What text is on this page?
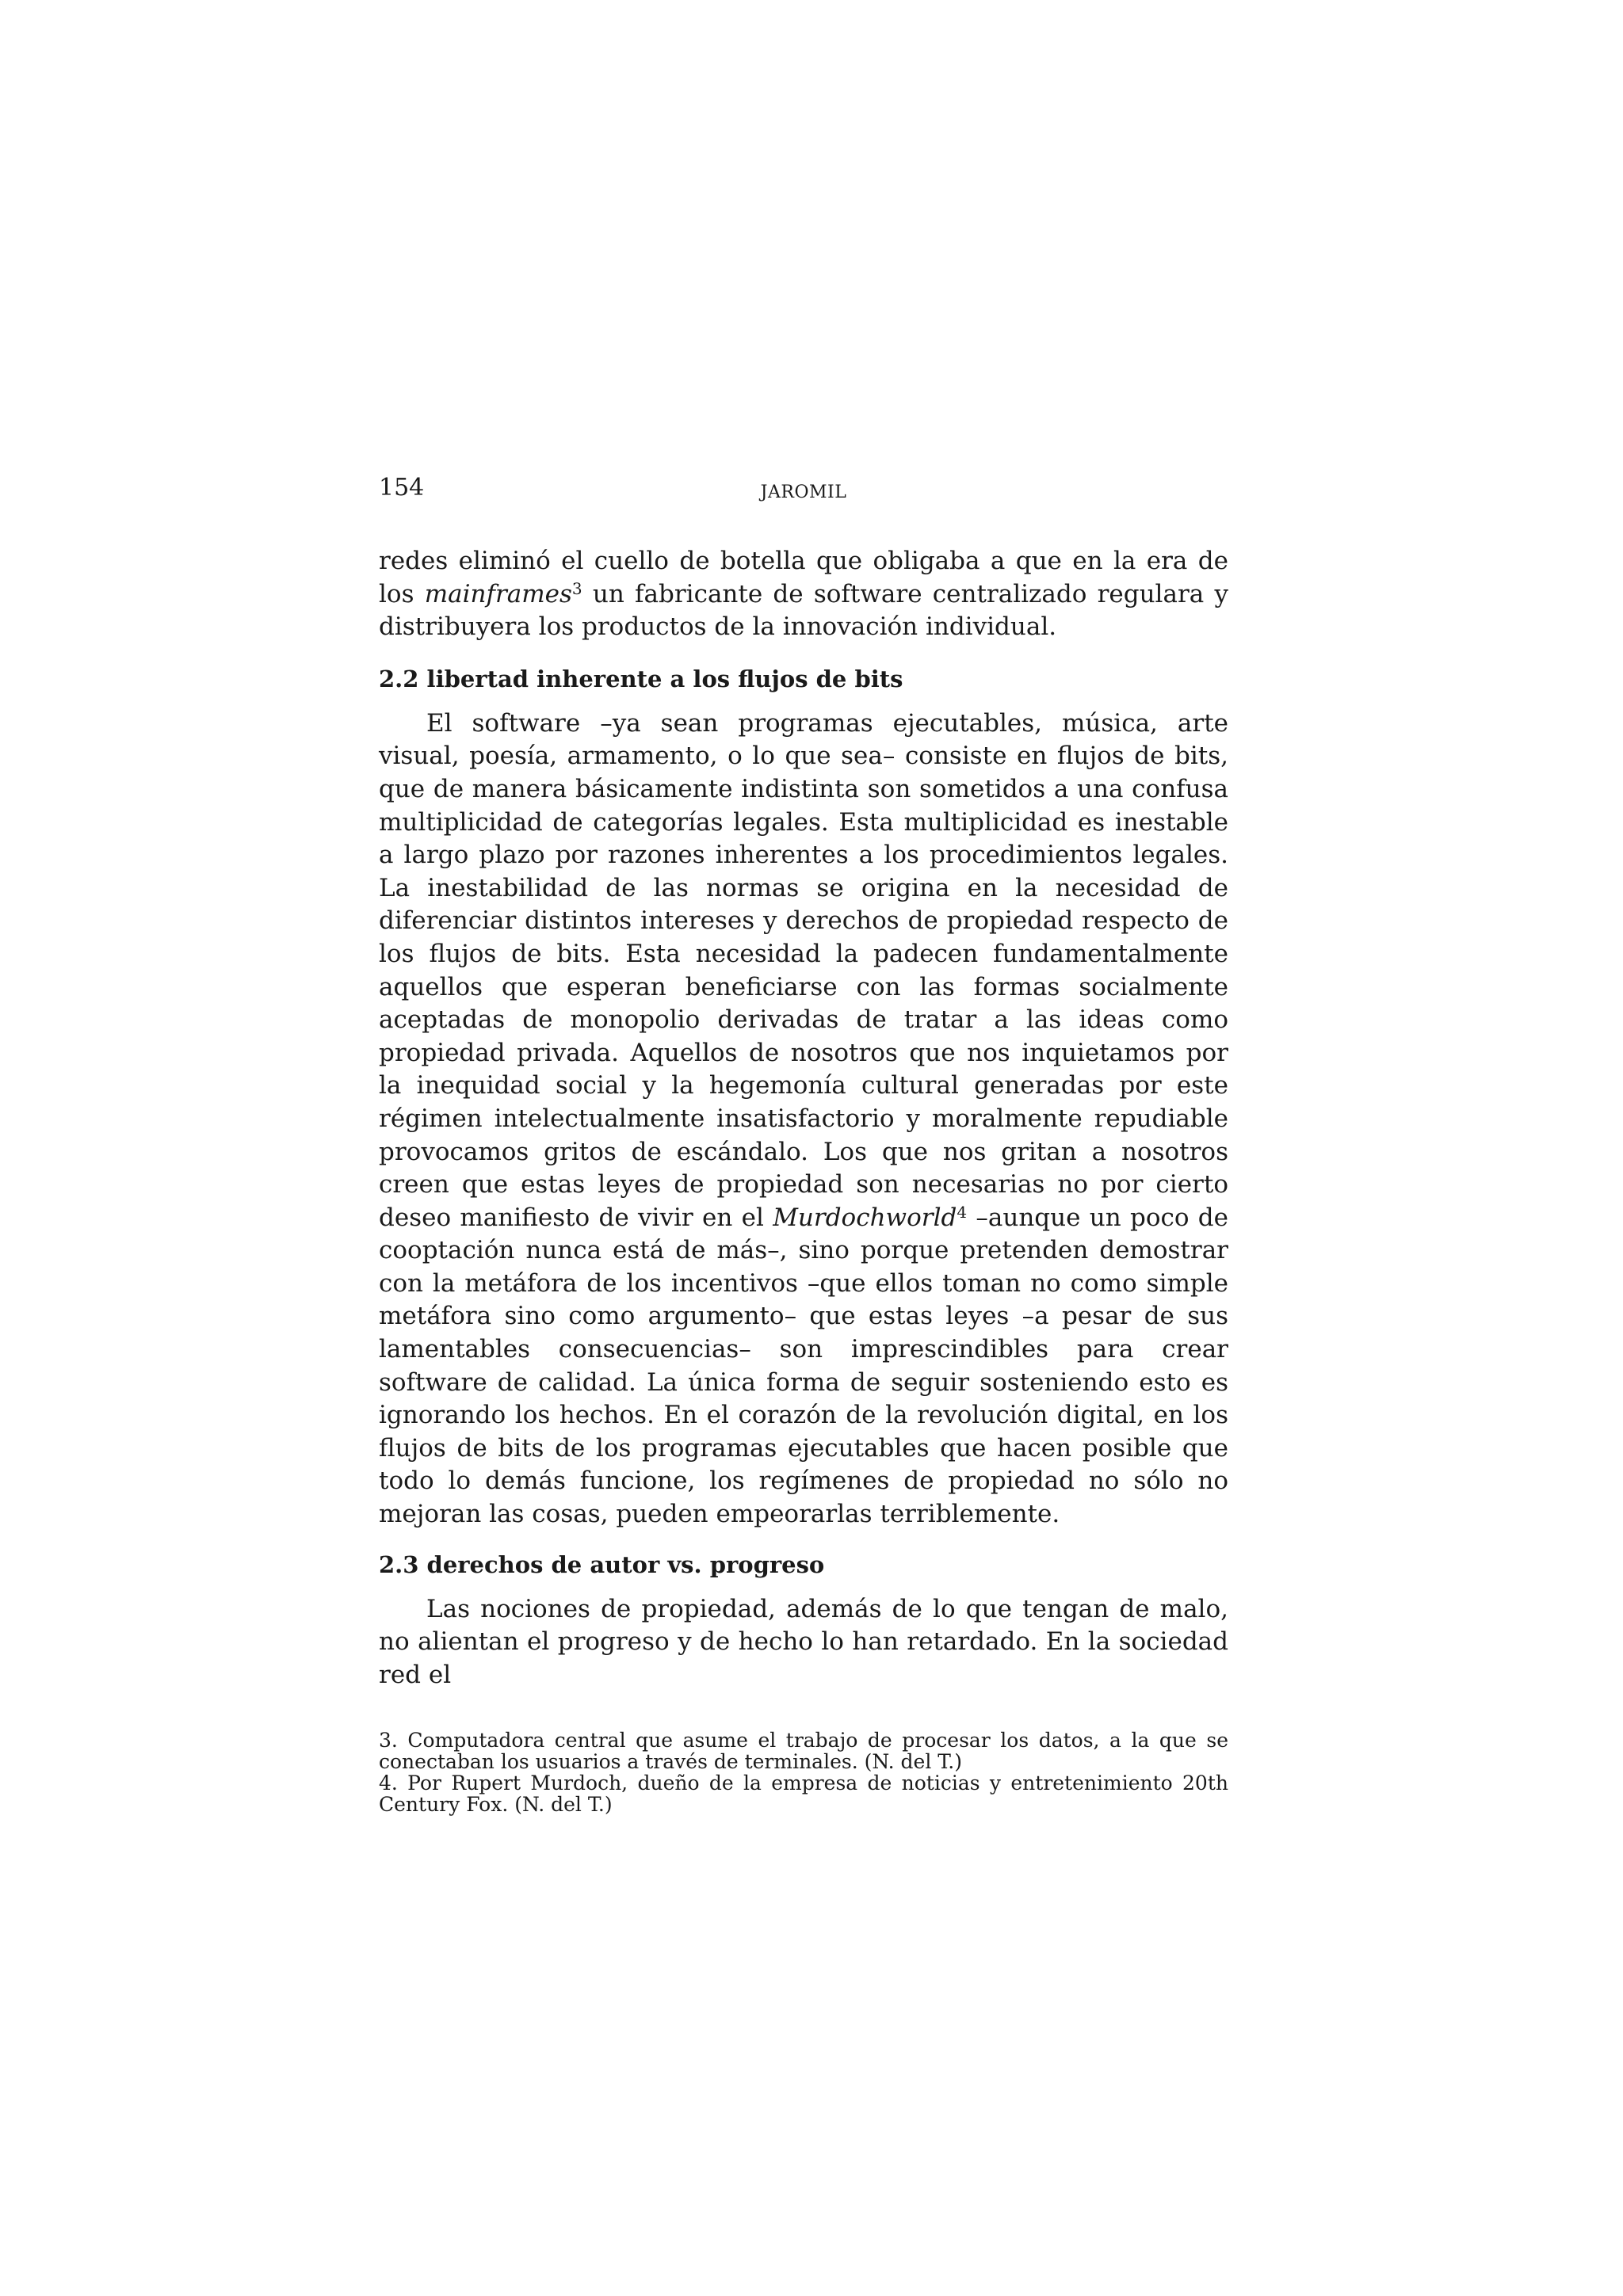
154	JAROMIL

redes eliminó el cuello de botella que obligaba a que en la era de los mainframes$^3$ un fabricante de software centralizado regulara y distribuyera los productos de la innovación individual.

2.2 libertad inherente a los flujos de bits

El software –ya sean programas ejecutables, música, arte visual, poesía, armamento, o lo que sea– consiste en flujos de bits, que de manera básicamente indistinta son sometidos a una confusa multiplicidad de categorías legales. Esta multiplicidad es inestable a largo plazo por razones inherentes a los procedimientos legales. La inestabilidad de las normas se origina en la necesidad de diferenciar distintos intereses y derechos de propiedad respecto de los flujos de bits. Esta necesidad la padecen fundamentalmente aquellos que esperan beneficiarse con las formas socialmente aceptadas de monopolio derivadas de tratar a las ideas como propiedad privada. Aquellos de nosotros que nos inquietamos por la inequidad social y la hegemonía cultural generadas por este régimen intelectualmente insatisfactorio y moralmente repudiable provocamos gritos de escándalo. Los que nos gritan a nosotros creen que estas leyes de propiedad son necesarias no por cierto deseo manifiesto de vivir en el Murdochworld$^4$ –aunque un poco de cooptación nunca está de más–, sino porque pretenden demostrar con la metáfora de los incentivos –que ellos toman no como simple metáfora sino como argumento– que estas leyes –a pesar de sus lamentables consecuencias– son imprescindibles para crear software de calidad. La única forma de seguir sosteniendo esto es ignorando los hechos. En el corazón de la revolución digital, en los flujos de bits de los programas ejecutables que hacen posible que todo lo demás funcione, los regímenes de propiedad no sólo no mejoran las cosas, pueden empeorarlas terriblemente.

2.3 derechos de autor vs. progreso

Las nociones de propiedad, además de lo que tengan de malo, no alientan el progreso y de hecho lo han retardado. En la sociedad red el

3. Computadora central que asume el trabajo de procesar los datos, a la que se conectaban los usuarios a través de terminales. (N. del T.)

4. Por Rupert Murdoch, dueño de la empresa de noticias y entretenimiento 20th Century Fox. (N. del T.)
